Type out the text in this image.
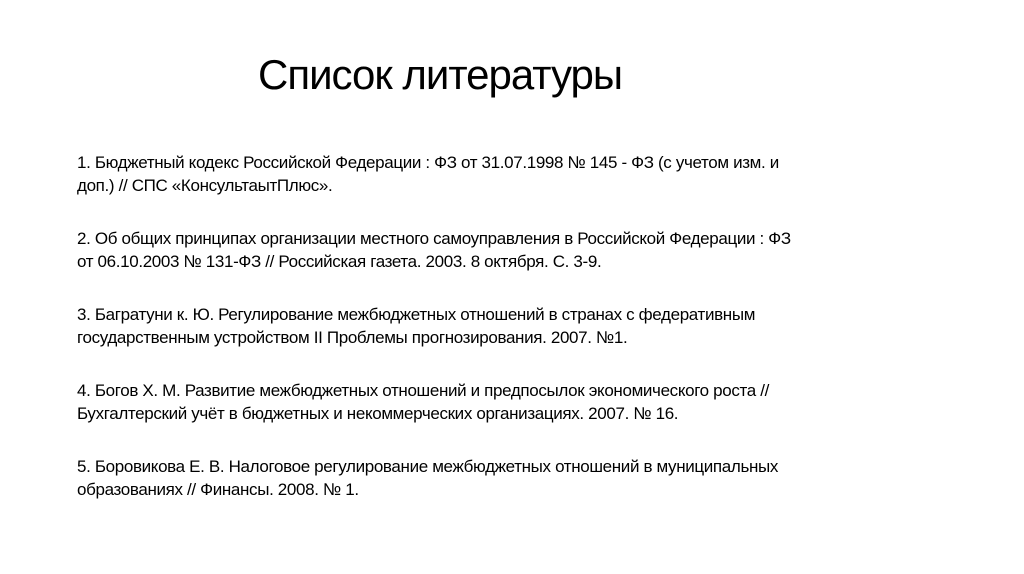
Список литературы
1. Бюджетный кодекс Российской Федерации : ФЗ от 31.07.1998 № 145 - ФЗ (с учетом изм. и
доп.) // СПС «КонсультаытПлюс».
2. Об общих принципах организации местного самоуправления в Российской Федерации : ФЗ
от 06.10.2003 № 131-ФЗ // Российская газета. 2003. 8 октября. С. 3-9.
3. Багратуни к. Ю. Регулирование межбюджетных отношений в странах с федеративным
государственным устройством II Проблемы прогнозирования. 2007. №1.
4. Богов Х. М. Развитие межбюджетных отношений и предпосылок экономического роста //
Бухгалтерский учёт в бюджетных и некоммерческих организациях. 2007. № 16.
5. Боровикова Е. В. Налоговое регулирование межбюджетных отношений в муниципальных
образованиях // Финансы. 2008. № 1.
